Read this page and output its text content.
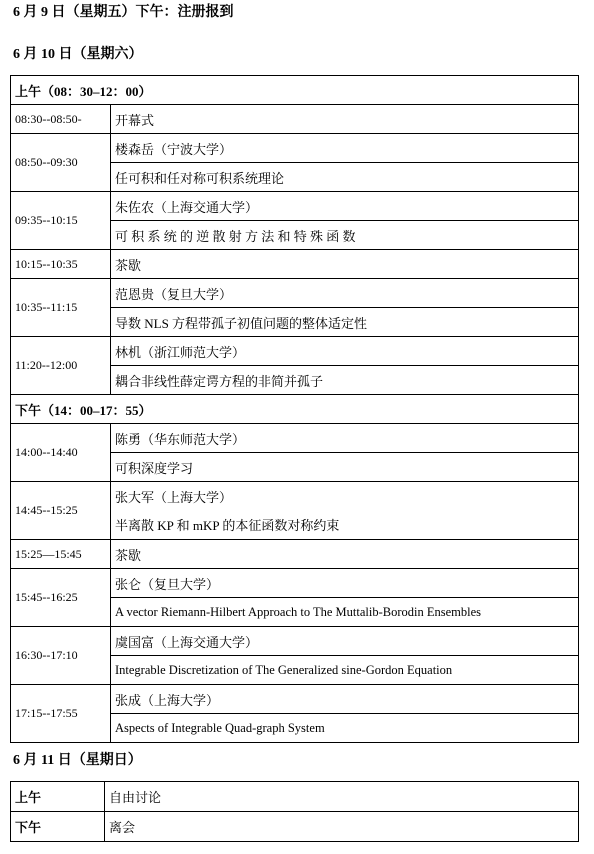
6 月 9 日（星期五）下午：注册报到
6 月 10 日（星期六）
上午（08：30–12：00）	
08:30--08:50-	开幕式
08:50--09:30	楼森岳（宁波大学）
	任可积和任对称可积系统理论
09:35--10:15	朱佐农（上海交通大学）
	可 积 系 统 的 逆 散 射 方 法 和 特 殊 函 数
10:15--10:35	茶歇
10:35--11:15	范恩贵（复旦大学）
	导数 NLS 方程带孤子初值问题的整体适定性
11:20--12:00	林机（浙江师范大学）
	耦合非线性薛定谔方程的非简并孤子
下午（14：00–17：55）	
14:00--14:40	陈勇（华东师范大学）
	可积深度学习
14:45--15:25	张大军（上海大学）
	半离散 KP 和 mKP 的本征函数对称约束
15:25—15:45	茶歇
15:45--16:25	张仑（复旦大学）
	A vector Riemann-Hilbert Approach to The Muttalib-Borodin Ensembles
16:30--17:10	虞国富（上海交通大学）
	Integrable Discretization of The Generalized sine-Gordon Equation
17:15--17:55	张成（上海大学）
	Aspects of Integrable Quad-graph System
6 月 11 日（星期日）
上午	自由讨论
下午	离会
